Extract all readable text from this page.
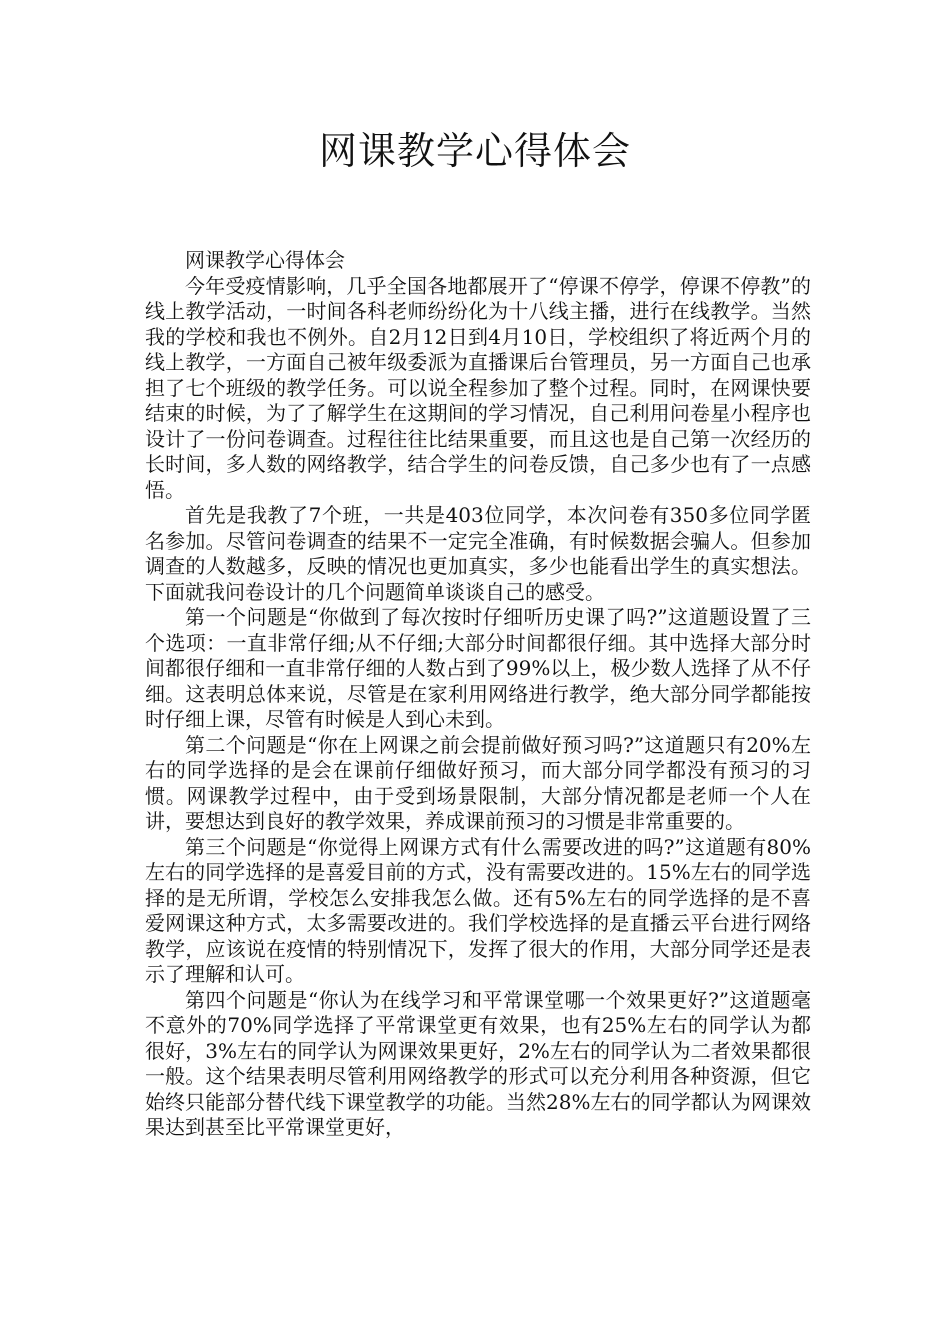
网课教学心得体会

网课教学心得体会

今年受疫情影响，几乎全国各地都展开了“停课不停学，停课不停教”的线上教学活动，一时间各科老师纷纷化为十八线主播，进行在线教学。当然我的学校和我也不例外。自2月12日到4月10日，学校组织了将近两个月的线上教学，一方面自己被年级委派为直播课后台管理员，另一方面自己也承担了七个班级的教学任务。可以说全程参加了整个过程。同时，在网课快要结束的时候，为了了解学生在这期间的学习情况，自己利用问卷星小程序也设计了一份问卷调查。过程往往比结果重要，而且这也是自己第一次经历的长时间，多人数的网络教学，结合学生的问卷反馈，自己多少也有了一点感悟。

首先是我教了7个班，一共是403位同学，本次问卷有350多位同学匿名参加。尽管问卷调查的结果不一定完全准确，有时候数据会骗人。但参加调查的人数越多，反映的情况也更加真实，多少也能看出学生的真实想法。下面就我问卷设计的几个问题简单谈谈自己的感受。

第一个问题是“你做到了每次按时仔细听历史课了吗?”这道题设置了三个选项：一直非常仔细;从不仔细;大部分时间都很仔细。其中选择大部分时间都很仔细和一直非常仔细的人数占到了99%以上，极少数人选择了从不仔细。这表明总体来说，尽管是在家利用网络进行教学，绝大部分同学都能按时仔细上课，尽管有时候是人到心未到。

第二个问题是“你在上网课之前会提前做好预习吗?”这道题只有20%左右的同学选择的是会在课前仔细做好预习，而大部分同学都没有预习的习惯。网课教学过程中，由于受到场景限制，大部分情况都是老师一个人在讲，要想达到良好的教学效果，养成课前预习的习惯是非常重要的。

第三个问题是“你觉得上网课方式有什么需要改进的吗?”这道题有80%左右的同学选择的是喜爱目前的方式，没有需要改进的。15%左右的同学选择的是无所谓，学校怎么安排我怎么做。还有5%左右的同学选择的是不喜爱网课这种方式，太多需要改进的。我们学校选择的是直播云平台进行网络教学，应该说在疫情的特别情况下，发挥了很大的作用，大部分同学还是表示了理解和认可。

第四个问题是“你认为在线学习和平常课堂哪一个效果更好?”这道题毫不意外的70%同学选择了平常课堂更有效果，也有25%左右的同学认为都很好，3%左右的同学认为网课效果更好，2%左右的同学认为二者效果都很一般。这个结果表明尽管利用网络教学的形式可以充分利用各种资源，但它始终只能部分替代线下课堂教学的功能。当然28%左右的同学都认为网课效果达到甚至比平常课堂更好，
